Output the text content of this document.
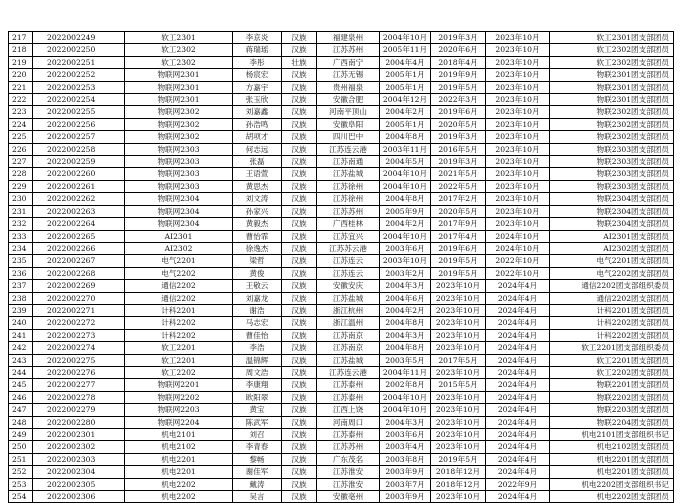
217	2022002249	软工2301	李京炎	汉族	福建泉州	2004年10月	2019年3月	2023年10月	软工2301团支部团员
218	2022002250	软工2302	蒋瑞瑶	汉族	江苏苏州	2005年11月	2020年6月	2023年10月	软工2302团支部团员
219	2022002251	软工2302	李彤	壮族	广西南宁	2004年4月	2018年4月	2023年10月	软工2302团支部团员
220	2022002252	物联网2301	杨宸宏	汉族	江苏无锡	2005年1月	2019年9月	2023年10月	物联2301团支部团员
221	2022002253	物联网2301	方嘉宇	汉族	贵州福泉	2005年1月	2019年5月	2023年10月	物联2301团支部团员
222	2022002254	物联网2301	张玉欣	汉族	安徽合肥	2004年12月	2022年3月	2023年10月	物联2301团支部团员
223	2022002255	物联网2302	刘嘉鑫	汉族	河南平顶山	2004年2月	2019年6月	2023年10月	物联2302团支部团员
224	2022002256	物联网2302	孙浩鸣	汉族	安徽阜阳	2005年1月	2020年5月	2023年10月	物联2302团支部团员
225	2022002257	物联网2302	胡项才	汉族	四川巴中	2004年8月	2019年3月	2023年10月	物联2302团支部团员
226	2022002258	物联网2303	何志远	汉族	江苏连云港	2003年11月	2016年5月	2023年10月	物联2303团支部团员
227	2022002259	物联网2303	张磊	汉族	江苏南通	2004年5月	2019年3月	2023年10月	物联2303团支部团员
228	2022002260	物联网2303	王语萱	汉族	江苏盐城	2004年10月	2021年5月	2023年10月	物联2303团支部团员
229	2022002261	物联网2303	黄思杰	汉族	江苏徐州	2004年10月	2022年5月	2023年10月	物联2303团支部团员
230	2022002262	物联网2304	刘文涛	汉族	江苏徐州	2004年8月	2017年2月	2023年10月	物联2304团支部团员
231	2022002263	物联网2304	孙家兴	汉族	江苏苏州	2005年9月	2020年5月	2023年10月	物联2304团支部团员
232	2022002264	物联网2304	黄毅杰	汉族	广西桂林	2004年2月	2017年9月	2023年10月	物联2304团支部团员
233	2022002265	AI2301	曹怡霏	汉族	江苏宜兴	2004年10月	2017年4月	2024年10月	AI2301团支部团员
234	2022002266	AI2302	徐逸杰	汉族	江苏苏云港	2003年6月	2019年6月	2024年10月	AI2302团支部团员
235	2022002267	电气2201	梁哲	汉族	江苏连云	2003年10月	2019年5月	2022年10月	电气2201团支部团员
236	2022002268	电气2202	黄俊	汉族	江苏连云	2003年2月	2019年5月	2022年10月	电气2202团支部团员
237	2022002269	通信2202	王敬云	汉族	安徽安庆	2004年3月	2023年10月	2024年4月	通信2202团支部组织委员
238	2022002270	通信2202	刘嘉龙	汉族	江苏盐城	2004年6月	2023年10月	2024年4月	通信2202团支部团员
239	2022002271	计科2201	谢浩	汉族	浙江杭州	2004年2月	2023年10月	2024年4月	计科2201团支部团员
240	2022002272	计科2202	马志宏	汉族	浙江温州	2004年8月	2023年10月	2024年4月	计科2202团支部团员
241	2022002273	计科2202	曹佳怡	汉族	江苏南京	2004年3月	2023年10月	2024年4月	计科2202团支部团员
242	2022002274	软工2201	李浩	汉族	江苏南京	2004年8月	2023年10月	2024年4月	软工2201团支部组织委员
243	2022002275	软工2201	温锦辉	汉族	江苏盐城	2003年5月	2017年5月	2024年4月	软工2201团支部团员
244	2022002276	软工2202	周文浩	汉族	江苏连云港	2004年11月	2023年10月	2024年4月	软工2202团支部团员
245	2022002277	物联网2201	李康翔	汉族	江苏泰州	2002年8月	2015年5月	2024年4月	物联2201团支部团员
246	2022002278	物联网2202	欧阳翠	汉族	江苏泰州	2004年10月	2023年10月	2024年4月	物联2202团支部团员
247	2022002279	物联网2203	黄宝	汉族	江西上饶	2004年10月	2023年10月	2024年4月	物联2203团支部团员
248	2022002280	物联网2204	陈武军	汉族	河南周口	2004年3月	2023年10月	2024年4月	物联2204团支部团员
249	2022002301	机电2101	刘召	汉族	江苏泰州	2003年6月	2023年10月	2024年4月	机电2101团支部组织书记
250	2022002302	机电2102	李青春	汉族	江苏苏州	2003年4月	2023年10月	2024年4月	机电2102团支部团员
251	2022002303	机电2201	黎畅	汉族	广东茂名	2003年8月	2019年5月	2024年4月	机电2201团支部团员
252	2022002304	机电2201	谢佳军	汉族	江苏淮安	2003年9月	2018年12月	2024年4月	机电2201团支部团员
253	2022002305	机电2202	戴涛	汉族	江苏淮安	2003年7月	2018年12月	2022年9月	机电2202团支部组织书记
254	2022002306	机电2202	吴言	汉族	安徽亳州	2003年9月	2023年10月	2024年4月	机电2202团支部团员
